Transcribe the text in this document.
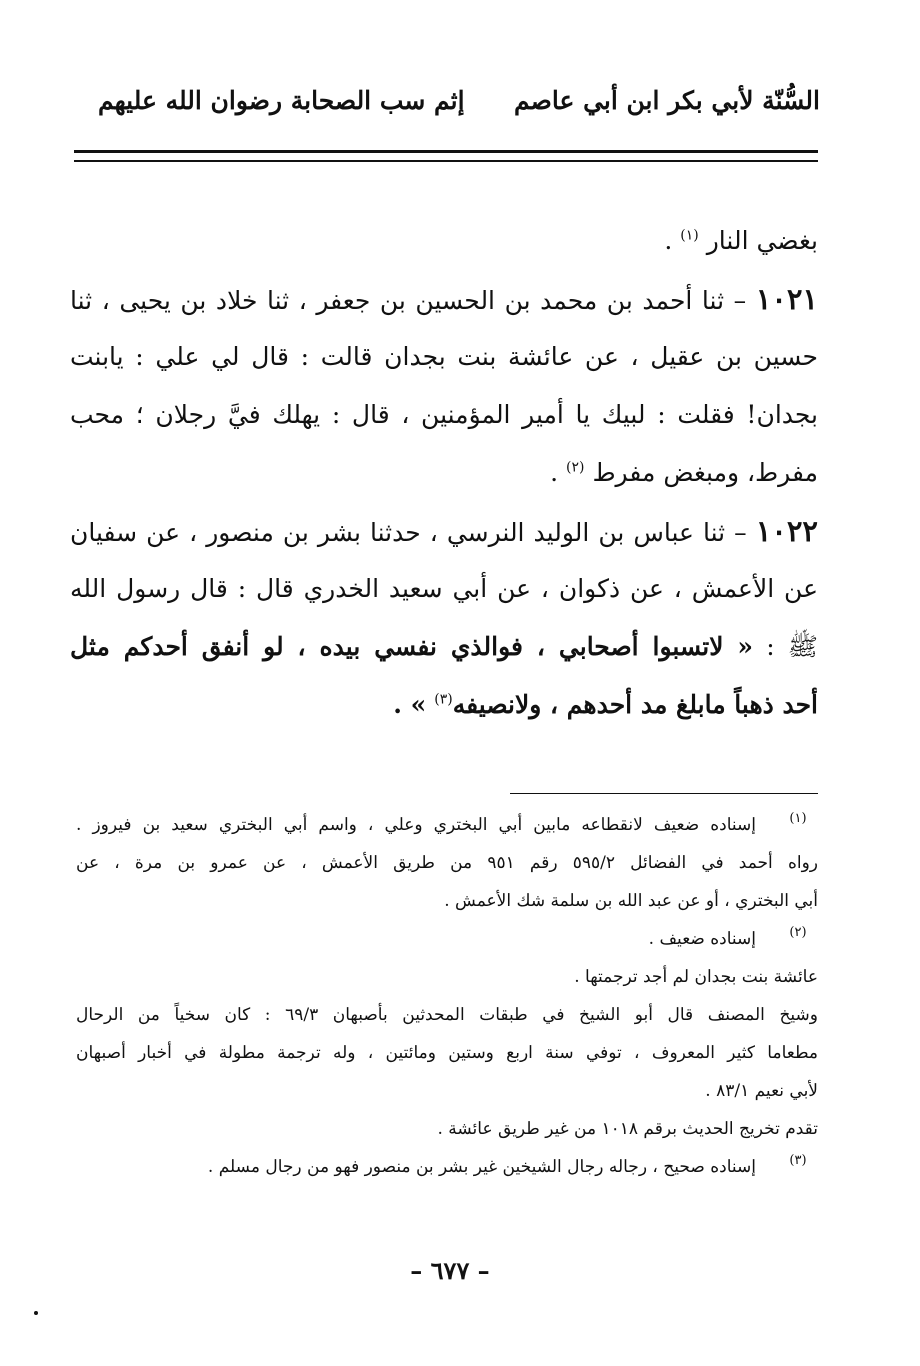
السُّنّة لأبي بكر ابن أبي عاصم
إثم سب الصحابة رضوان الله عليهم
بغضي النار $^{(١)}$ .
١٠٢١ – ثنا أحمد بن محمد بن الحسين بن جعفر ، ثنا خلاد بن يحيى ، ثنا
حسين بن عقيل ، عن عائشة بنت بجدان قالت : قال لي علي : يابنت
بجدان! فقلت : لبيك يا أمير المؤمنين ، قال : يهلك فيَّ رجلان ؛ محب
مفرط، ومبغض مفرط $^{(٢)}$ .
١٠٢٢ – ثنا عباس بن الوليد النرسي ، حدثنا بشر بن منصور ، عن سفيان
عن الأعمش ، عن ذكوان ، عن أبي سعيد الخدري قال : قال رسول الله
ﷺ : « لاتسبوا أصحابي ، فوالذي نفسي بيده ، لو أنفق أحدكم مثل
أحد ذهباً مابلغ مد أحدهم ، ولانصيفه$^{(٣)}$ » .
(١)
إسناده ضعيف لانقطاعه مابين أبي البختري وعلي ، واسم أبي البختري سعيد بن فيروز .
رواه أحمد في الفضائل ٥٩٥/٢ رقم ٩٥١ من طريق الأعمش ، عن عمرو بن مرة ، عن
أبي البختري ، أو عن عبد الله بن سلمة شك الأعمش .
(٢)
إسناده ضعيف .
عائشة بنت بجدان لم أجد ترجمتها .
وشيخ المصنف قال أبو الشيخ في طبقات المحدثين بأصبهان ٦٩/٣ : كان سخياً من الرحال
مطعاما كثير المعروف ، توفي سنة اربع وستين ومائتين ، وله ترجمة مطولة في أخبار أصبهان
لأبي نعيم ٨٣/١ .
تقدم تخريج الحديث برقم ١٠١٨ من غير طريق عائشة .
(٣)
إسناده صحيح ، رجاله رجال الشيخين غير بشر بن منصور فهو من رجال مسلم .
– ٦٧٧ –
